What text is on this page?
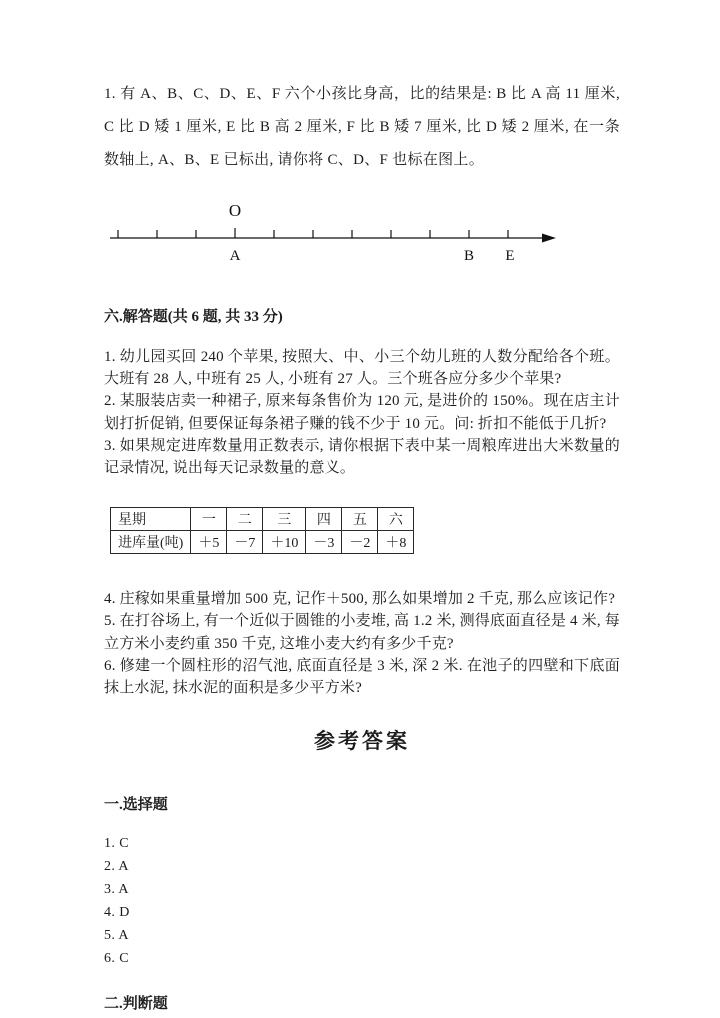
1. 有 A、B、C、D、E、F 六个小孩比身高，比的结果是: B 比 A 高 11 厘米, C 比 D 矮 1 厘米, E 比 B 高 2 厘米, F 比 B 矮 7 厘米, 比 D 矮 2 厘米, 在一条数轴上, A、B、E 已标出, 请你将 C、D、F 也标在图上。

O
A	B E
六.解答题(共 6 题, 共 33 分)

1. 幼儿园买回 240 个苹果, 按照大、中、小三个幼儿班的人数分配给各个班。大班有 28 人, 中班有 25 人, 小班有 27 人。三个班各应分多少个苹果?

2. 某服装店卖一种裙子, 原来每条售价为 120 元, 是进价的 150%。现在店主计划打折促销, 但要保证每条裙子赚的钱不少于 10 元。问: 折扣不能低于几折?

3. 如果规定进库数量用正数表示, 请你根据下表中某一周粮库进出大米数量的记录情况, 说出每天记录数量的意义。

星期	一	二	三	四	五	六
进库量(吨)	＋5	－7	＋10	－3	－2	＋8

4. 庄稼如果重量增加 500 克, 记作＋500, 那么如果增加 2 千克, 那么应该记作?

5. 在打谷场上, 有一个近似于圆锥的小麦堆, 高 1.2 米, 测得底面直径是 4 米, 每立方米小麦约重 350 千克, 这堆小麦大约有多少千克?

6. 修建一个圆柱形的沼气池, 底面直径是 3 米, 深 2 米. 在池子的四壁和下底面抹上水泥, 抹水泥的面积是多少平方米?

参考答案
一.选择题

1. C

2. A

3. A

4. D

5. A

6. C

二.判断题
